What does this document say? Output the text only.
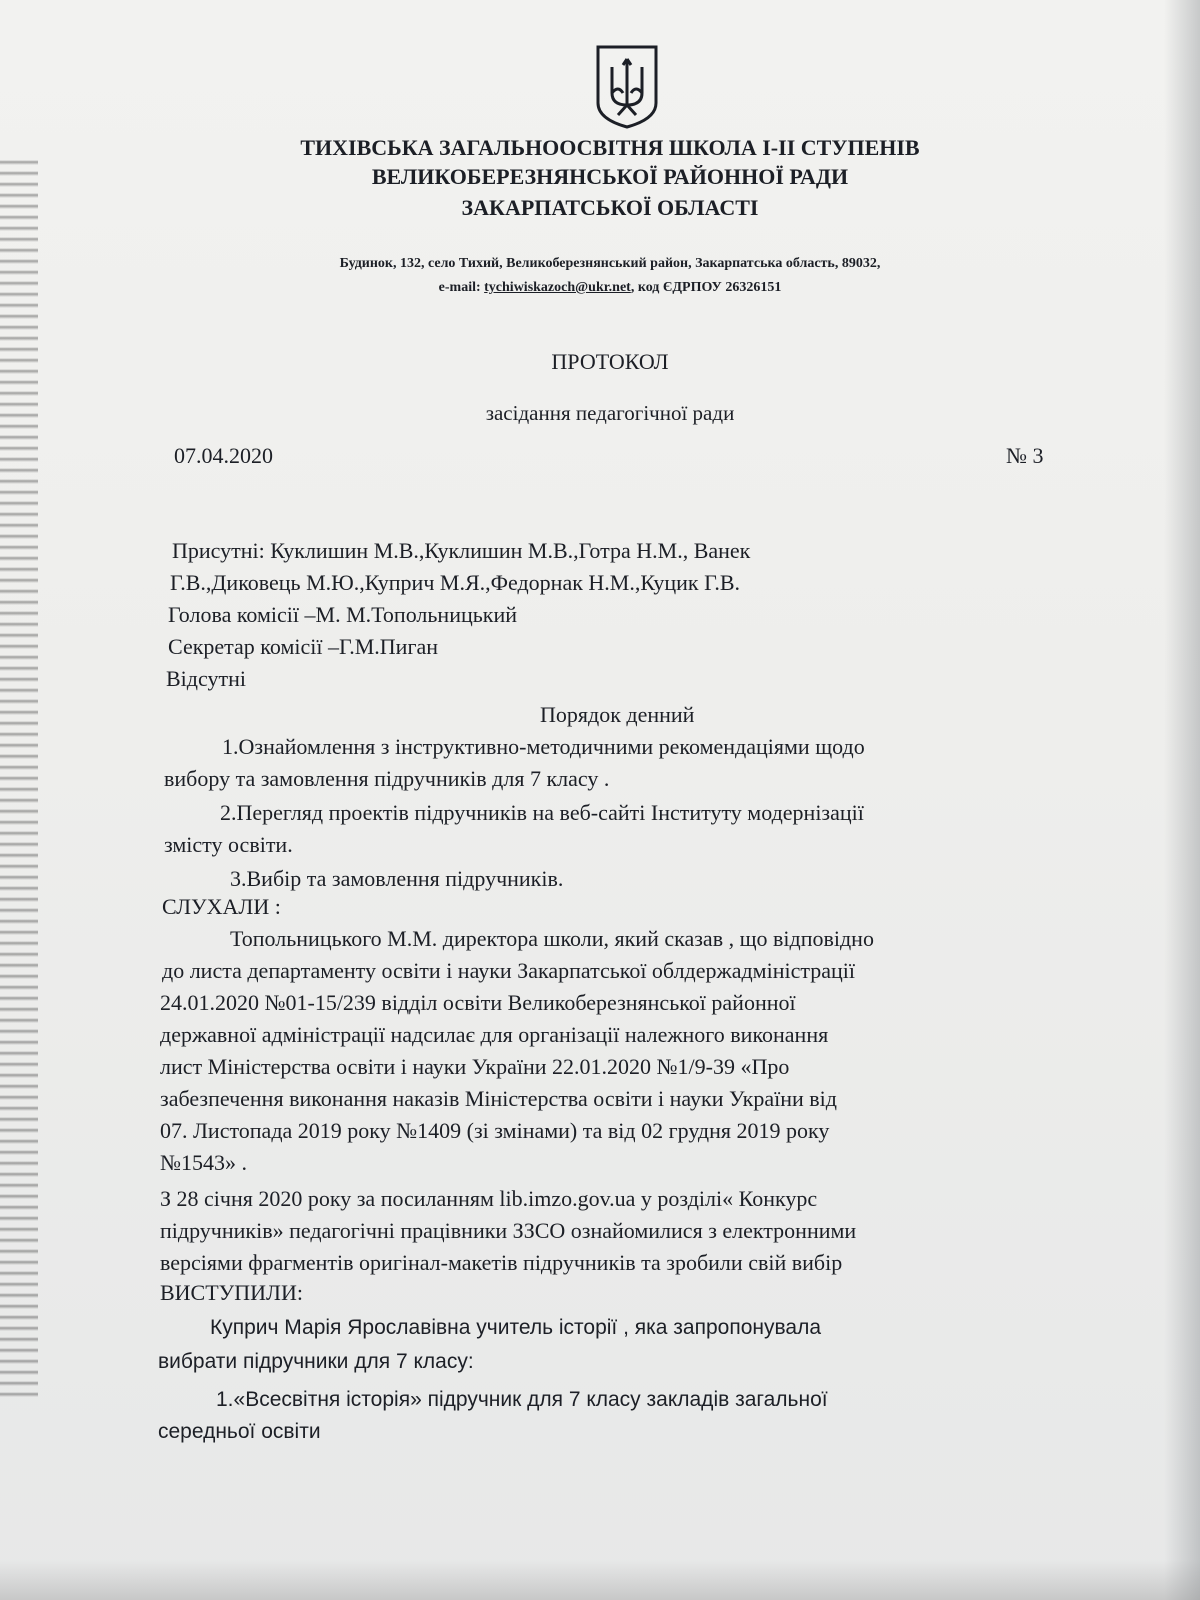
ТИХІВСЬКА ЗАГАЛЬНООСВІТНЯ ШКОЛА І-ІІ СТУПЕНІВ
ВЕЛИКОБЕРЕЗНЯНСЬКОЇ РАЙОННОЇ РАДИ
ЗАКАРПАТСЬКОЇ ОБЛАСТІ
Будинок, 132, село Тихий, Великоберезнянський район, Закарпатська область, 89032,
e-mail: tychiwiskazoch@ukr.net, код ЄДРПОУ 26326151
ПРОТОКОЛ
засідання педагогічної ради
07.04.2020	№ 3
Присутні: Куклишин М.В.,Куклишин М.В.,Готра Н.М., Ванек
Г.В.,Диковець М.Ю.,Куприч М.Я.,Федорнак Н.М.,Куцик Г.В.
Голова комісії –М. М.Топольницький
Секретар комісії –Г.М.Пиган
Відсутні
Порядок денний
1.Ознайомлення з інструктивно-методичними рекомендаціями щодо
вибору та замовлення підручників для 7 класу .
2.Перегляд проектів підручників на веб-сайті Інституту модернізації
змісту освіти.
3.Вибір та замовлення підручників.
СЛУХАЛИ :
Топольницького М.М. директора школи, який сказав , що відповідно
до листа департаменту освіти і науки Закарпатської облдержадміністрації
24.01.2020 №01-15/239 відділ освіти Великоберезнянської районної
державної адміністрації надсилає для організації належного виконання
лист Міністерства освіти і науки України 22.01.2020 №1/9-39 «Про
забезпечення виконання наказів Міністерства освіти і науки України від
07. Листопада 2019 року №1409 (зі змінами) та від 02 грудня 2019 року
№1543» .
З 28 січня 2020 року за посиланням lib.imzo.gov.ua у розділі« Конкурс
підручників» педагогічні працівники ЗЗСО ознайомилися з електронними
версіями фрагментів оригінал-макетів підручників та зробили свій вибір
ВИСТУПИЛИ:
Куприч Марія Ярославівна учитель історії , яка запропонувала
вибрати підручники для 7 класу:
1.«Всесвітня історія» підручник для 7 класу закладів загальної
середньої освіти
